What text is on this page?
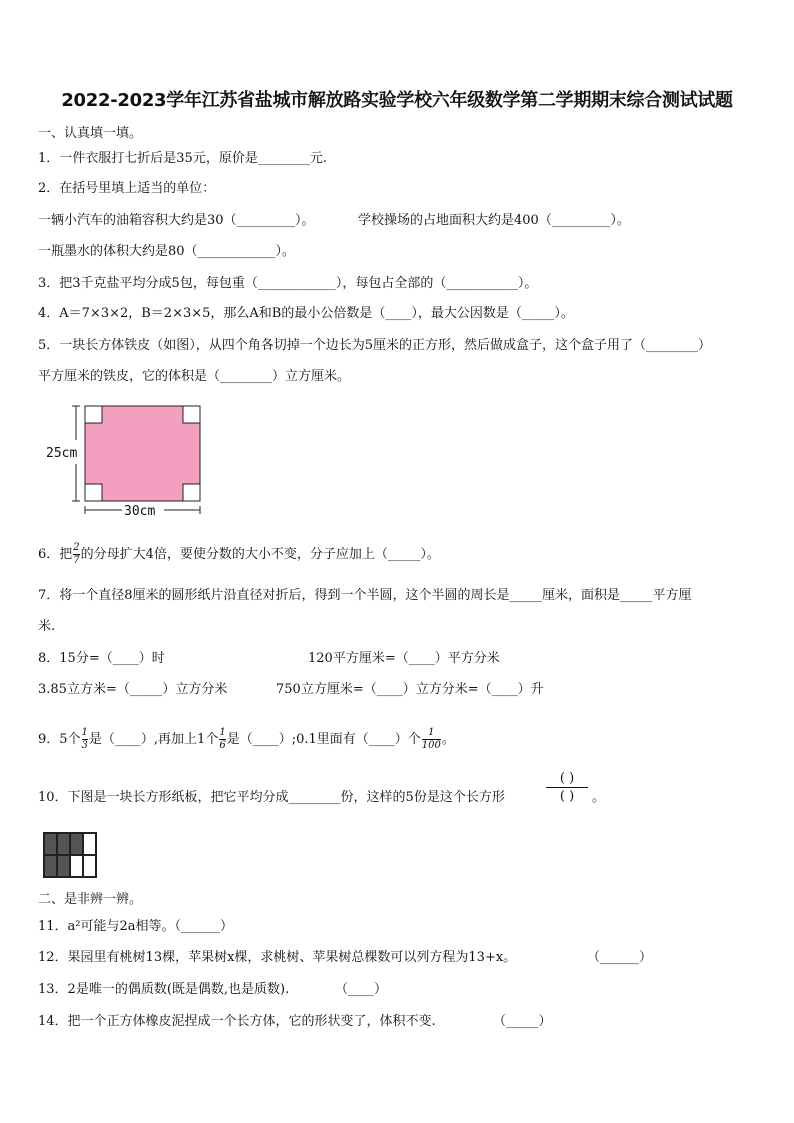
2022-2023学年江苏省盐城市解放路实验学校六年级数学第二学期期末综合测试试题
一、认真填一填。
1．一件衣服打七折后是35元，原价是________元.
2．在括号里填上适当的单位：
一辆小汽车的油箱容积大约是30（_________）。	学校操场的占地面积大约是400（_________）。
一瓶墨水的体积大约是80（____________）。
3．把3千克盐平均分成5包，每包重（____________），每包占全部的（___________）。
4．A＝7×3×2，B＝2×3×5，那么A和B的最小公倍数是（____），最大公因数是（_____）。
5．一块长方体铁皮（如图），从四个角各切掉一个边长为5厘米的正方形，然后做成盒子，这个盒子用了（________）
平方厘米的铁皮，它的体积是（________）立方厘米。
25cm
30cm
6．把 $\frac{2}{7}$ 的分母扩大4倍，要使分数的大小不变，分子应加上（_____）。
7．将一个直径8厘米的圆形纸片沿直径对折后，得到一个半圆，这个半圆的周长是_____厘米，面积是_____平方厘
米.
8．15分=（____）时	120平方厘米=（____）平方分米
3.85立方米=（_____）立方分米	750立方厘米=（____）立方分米=（____）升
9．5个 $\frac{1}{3}$ 是（____）,再加上1个 $\frac{1}{6}$ 是（____）;0.1里面有（____）个 $\frac{1}{100}$ 。
10．下图是一块长方形纸板，把它平均分成________份，这样的5份是这个长方形
( )
( )	。
二、是非辨一辨。
11．a²可能与2a相等。（______）
12．果园里有桃树13棵，苹果树x棵，求桃树、苹果树总棵数可以列方程为13+x。	（______）
13．2是唯一的偶质数(既是偶数,也是质数).	（____）
14．把一个正方体橡皮泥捏成一个长方体，它的形状变了，体积不变.	（_____）
